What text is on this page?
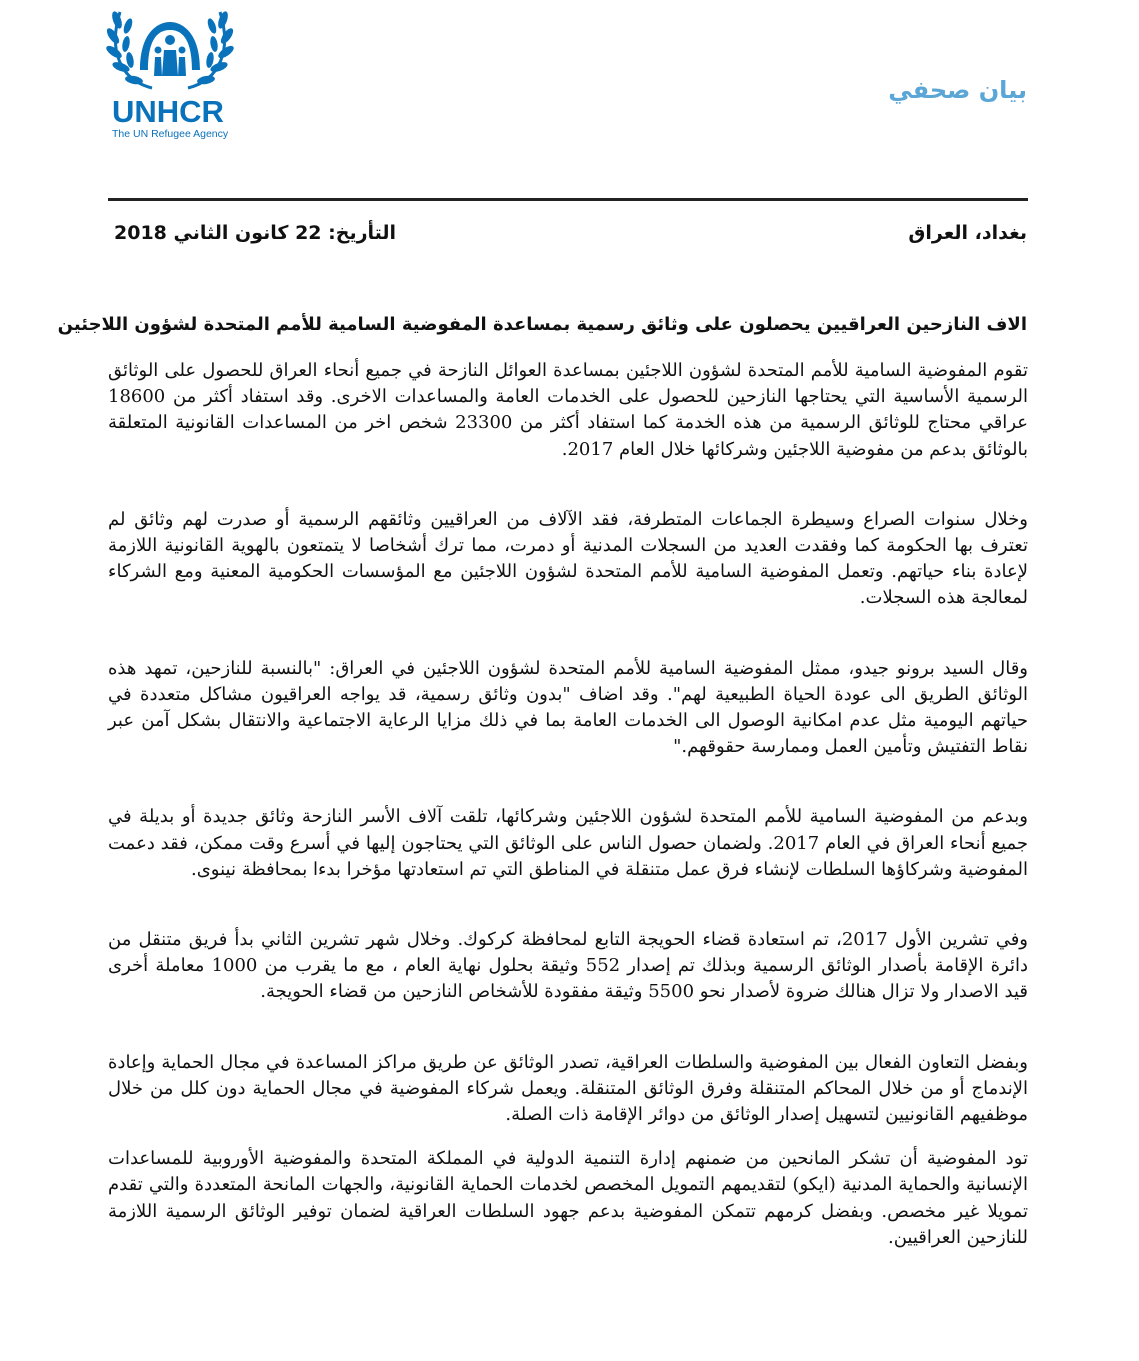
UNHCR
The UN Refugee Agency
بيان صحفي
بغداد، العراق
التأريخ: 22 كانون الثاني 2018
الاف النازحين العراقيين يحصلون على وثائق رسمية بمساعدة المفوضية السامية للأمم المتحدة لشؤون اللاجئين

تقوم المفوضية السامية للأمم المتحدة لشؤون اللاجئين بمساعدة العوائل النازحة في جميع أنحاء العراق للحصول على الوثائق الرسمية الأساسية التي يحتاجها النازحين للحصول على الخدمات العامة والمساعدات الاخرى. وقد استفاد أكثر من 18600 عراقي محتاج للوثائق الرسمية من هذه الخدمة كما استفاد أكثر من 23300 شخص اخر من المساعدات القانونية المتعلقة بالوثائق بدعم من مفوضية اللاجئين وشركائها خلال العام 2017.

وخلال سنوات الصراع وسيطرة الجماعات المتطرفة، فقد الآلاف من العراقيين وثائقهم الرسمية أو صدرت لهم وثائق لم تعترف بها الحكومة كما وفقدت العديد من السجلات المدنية أو دمرت، مما ترك أشخاصا لا يتمتعون بالهوية القانونية اللازمة لإعادة بناء حياتهم. وتعمل المفوضية السامية للأمم المتحدة لشؤون اللاجئين مع المؤسسات الحكومية المعنية ومع الشركاء لمعالجة هذه السجلات.

وقال السيد برونو جيدو، ممثل المفوضية السامية للأمم المتحدة لشؤون اللاجئين في العراق: "بالنسبة للنازحين، تمهد هذه الوثائق الطريق الى عودة الحياة الطبيعية لهم". وقد اضاف "بدون وثائق رسمية، قد يواجه العراقيون مشاكل متعددة في حياتهم اليومية مثل عدم امكانية الوصول الى الخدمات العامة بما في ذلك مزايا الرعاية الاجتماعية والانتقال بشكل آمن عبر نقاط التفتيش وتأمين العمل وممارسة حقوقهم."

وبدعم من المفوضية السامية للأمم المتحدة لشؤون اللاجئين وشركائها، تلقت آلاف الأسر النازحة وثائق جديدة أو بديلة في جميع أنحاء العراق في العام 2017. ولضمان حصول الناس على الوثائق التي يحتاجون إليها في أسرع وقت ممكن، فقد دعمت المفوضية وشركاؤها السلطات لإنشاء فرق عمل متنقلة في المناطق التي تم استعادتها مؤخرا بدءا بمحافظة نينوى.

وفي تشرين الأول 2017، تم استعادة قضاء الحويجة التابع لمحافظة كركوك. وخلال شهر تشرين الثاني بدأ فريق متنقل من دائرة الإقامة بأصدار الوثائق الرسمية وبذلك تم إصدار 552 وثيقة بحلول نهاية العام ، مع ما يقرب من 1000 معاملة أخرى قيد الاصدار ولا تزال هنالك ضروة لأصدار نحو 5500 وثيقة مفقودة للأشخاص النازحين من قضاء الحويجة.

وبفضل التعاون الفعال بين المفوضية والسلطات العراقية، تصدر الوثائق عن طريق مراكز المساعدة في مجال الحماية وإعادة الإندماج أو من خلال المحاكم المتنقلة وفرق الوثائق المتنقلة. ويعمل شركاء المفوضية في مجال الحماية دون كلل من خلال موظفيهم القانونيين لتسهيل إصدار الوثائق من دوائر الإقامة ذات الصلة.

تود المفوضية أن تشكر المانحين من ضمنهم إدارة التنمية الدولية في المملكة المتحدة والمفوضية الأوروبية للمساعدات الإنسانية والحماية المدنية (ايكو) لتقديمهم التمويل المخصص لخدمات الحماية القانونية، والجهات المانحة المتعددة والتي تقدم تمويلا غير مخصص. وبفضل كرمهم تتمكن المفوضية بدعم جهود السلطات العراقية لضمان توفير الوثائق الرسمية اللازمة للنازحين العراقيين.
